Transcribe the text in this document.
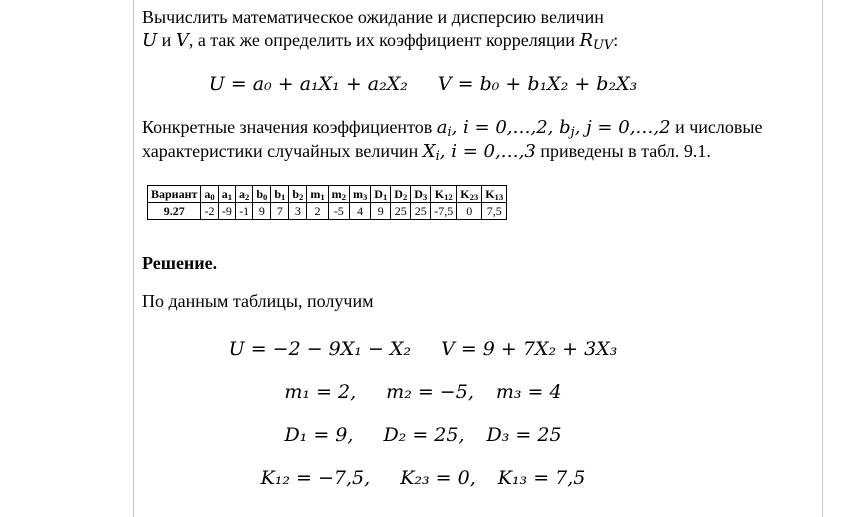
Вычислить математическое ожидание и дисперсию величин
U и V, а так же определить их коэффициент корреляции $R_{UV}$:
U = a₀ + a₁X₁ + a₂X₂ V = b₀ + b₁X₂ + b₂X₃
Конкретные значения коэффициентов $a_i$, i = 0,…,2, $b_j$, j = 0,…,2 и числовые
характеристики случайных величин $X_i$, i = 0,…,3 приведены в табл. 9.1.
Вариант	$a_0$	$a_1$	$a_2$	$b_0$	$b_1$	$b_2$	$m_1$	$m_2$	$m_3$	$D_1$	$D_2$	$D_3$	$K_{12}$	$K_{23}$	$K_{13}$
9.27	-2	-9	-1	9	7	3	2	-5	4	9	25	25	-7,5	0	7,5
Решение.
По данным таблицы, получим
U = −2 − 9X₁ − X₂ V = 9 + 7X₂ + 3X₃
m₁ = 2, m₂ = −5, m₃ = 4
D₁ = 9, D₂ = 25, D₃ = 25
K₁₂ = −7,5, K₂₃ = 0, K₁₃ = 7,5
